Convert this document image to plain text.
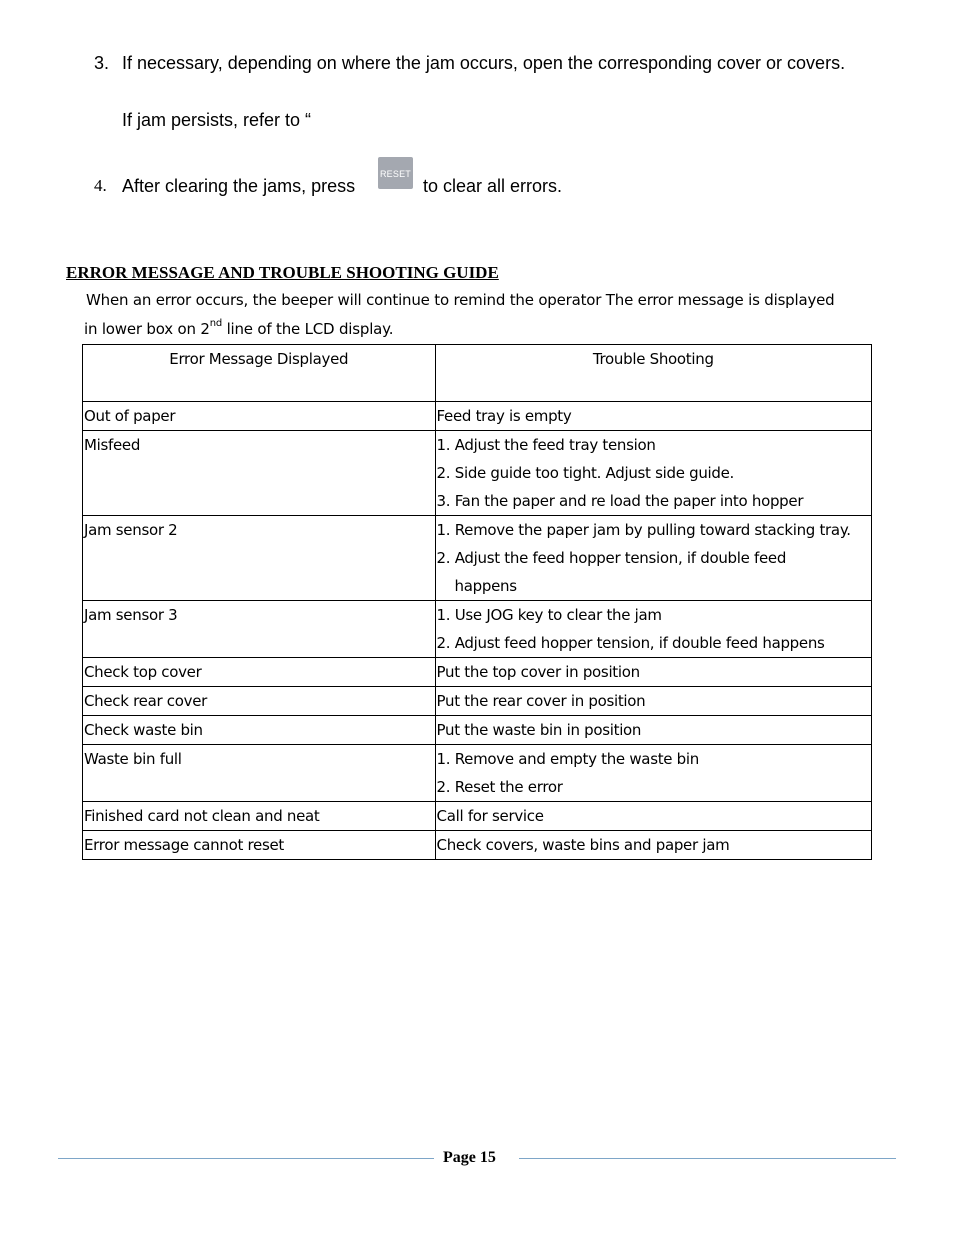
3. If necessary, depending on where the jam occurs, open the corresponding cover or covers.
If jam persists, refer to “
4. After clearing the jams, press
RESET
to clear all errors.
ERROR MESSAGE AND TROUBLE SHOOTING GUIDE
When an error occurs, the beeper will continue to remind the operator The error message is displayed
in lower box on 2nd line of the LCD display.
Error Message Displayed	Trouble Shooting
Out of paper	Feed tray is empty

Misfeed	1. Adjust the feed tray tension
2. Side guide too tight. Adjust side guide.
3. Fan the paper and re load the paper into hopper

Jam sensor 2	1. Remove the paper jam by pulling toward stacking tray.
2. Adjust the feed hopper tension, if double feed
happens

Jam sensor 3	1. Use JOG key to clear the jam
2. Adjust feed hopper tension, if double feed happens

Check top cover	Put the top cover in position

Check rear cover	Put the rear cover in position

Check waste bin	Put the waste bin in position

Waste bin full	1. Remove and empty the waste bin
2. Reset the error

Finished card not clean and neat	Call for service

Error message cannot reset	Check covers, waste bins and paper jam
Page 15
